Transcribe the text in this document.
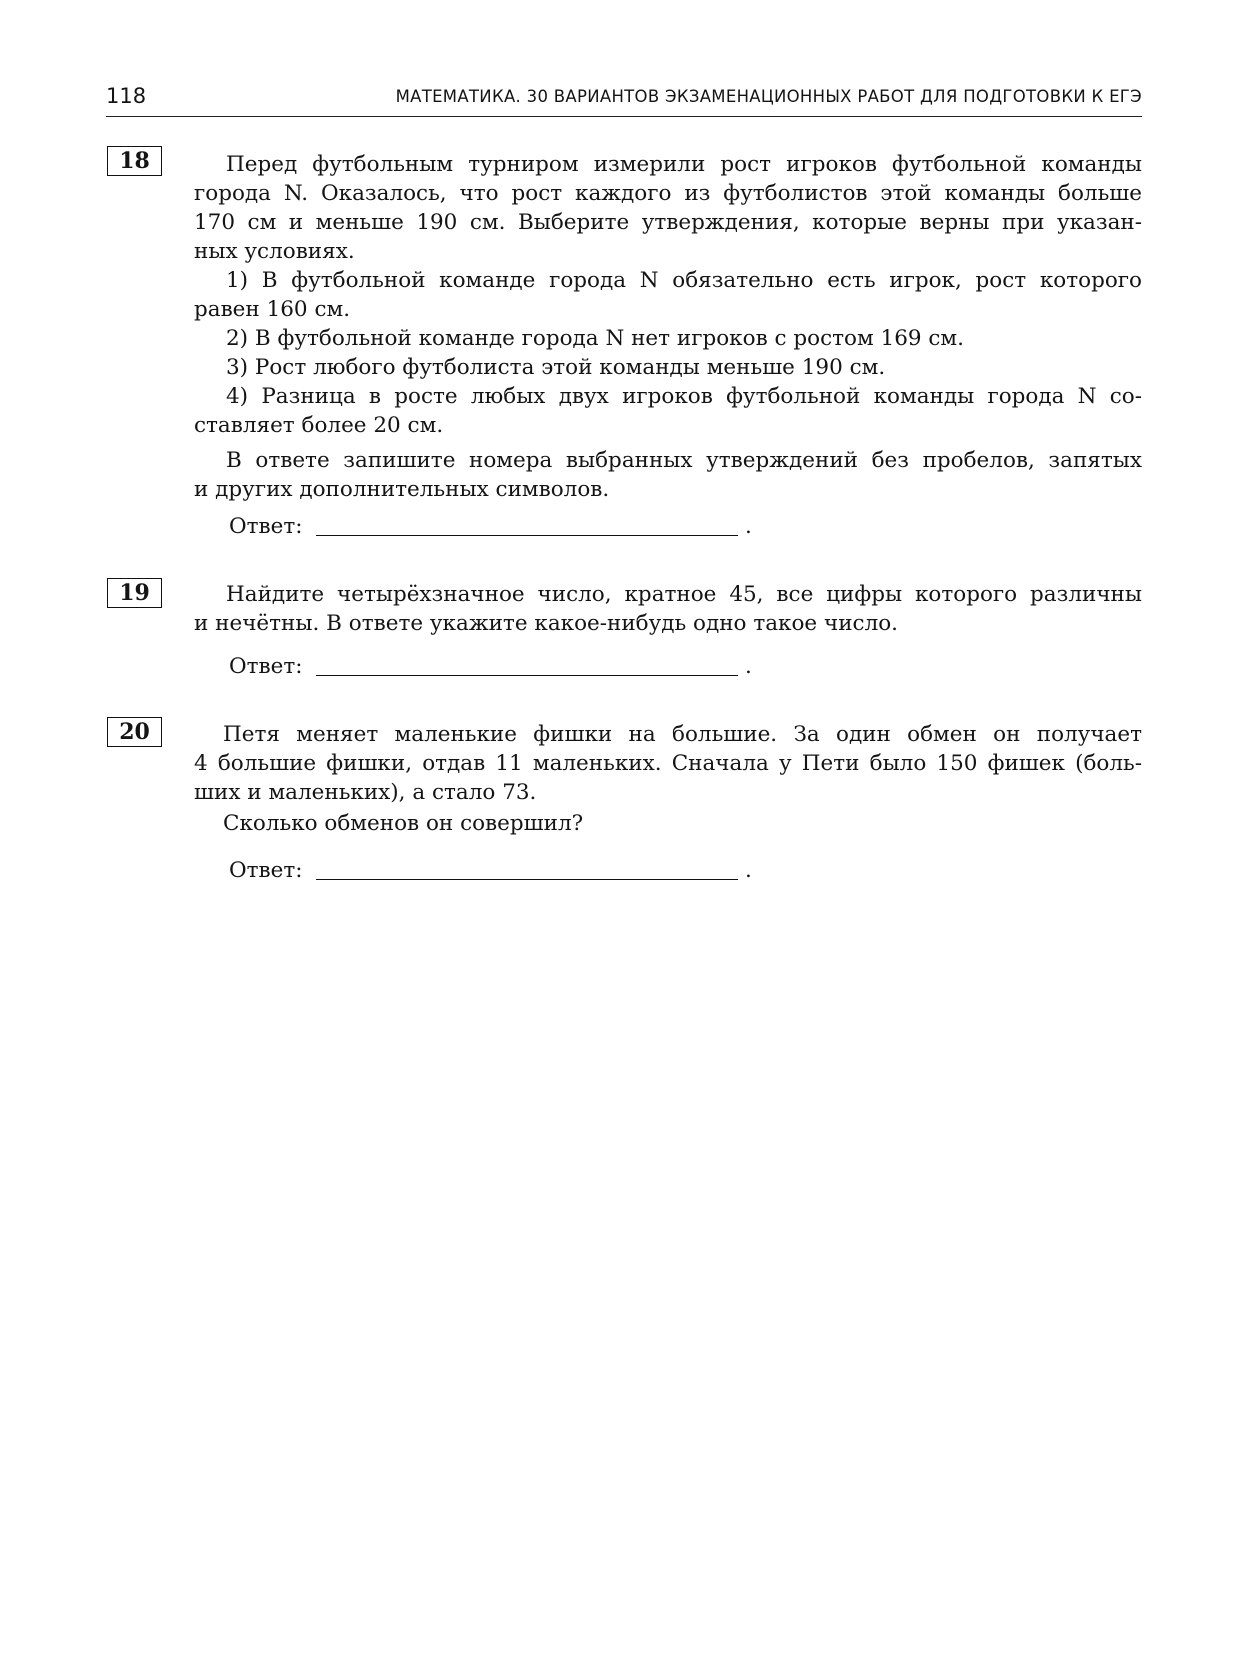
118	МАТЕМАТИКА. 30 ВАРИАНТОВ ЭКЗАМЕНАЦИОННЫХ РАБОТ ДЛЯ ПОДГОТОВКИ К ЕГЭ
18	Перед футбольным турниром измерили рост игроков футбольной команды
города N. Оказалось, что рост каждого из футболистов этой команды больше
170 см и меньше 190 см. Выберите утверждения, которые верны при указан-
ных условиях.
1) В футбольной команде города N обязательно есть игрок, рост которого
равен 160 см.
2) В футбольной команде города N нет игроков с ростом 169 см.
3) Рост любого футболиста этой команды меньше 190 см.
4) Разница в росте любых двух игроков футбольной команды города N со-
ставляет более 20 см.
В ответе запишите номера выбранных утверждений без пробелов, запятых
и других дополнительных символов.
Ответ:	.
19	Найдите четырёхзначное число, кратное 45, все цифры которого различны
и нечётны. В ответе укажите какое-нибудь одно такое число.
Ответ:	.
20	Петя меняет маленькие фишки на большие. За один обмен он получает
4 большие фишки, отдав 11 маленьких. Сначала у Пети было 150 фишек (боль-
ших и маленьких), а стало 73.
Сколько обменов он совершил?
Ответ:	.
